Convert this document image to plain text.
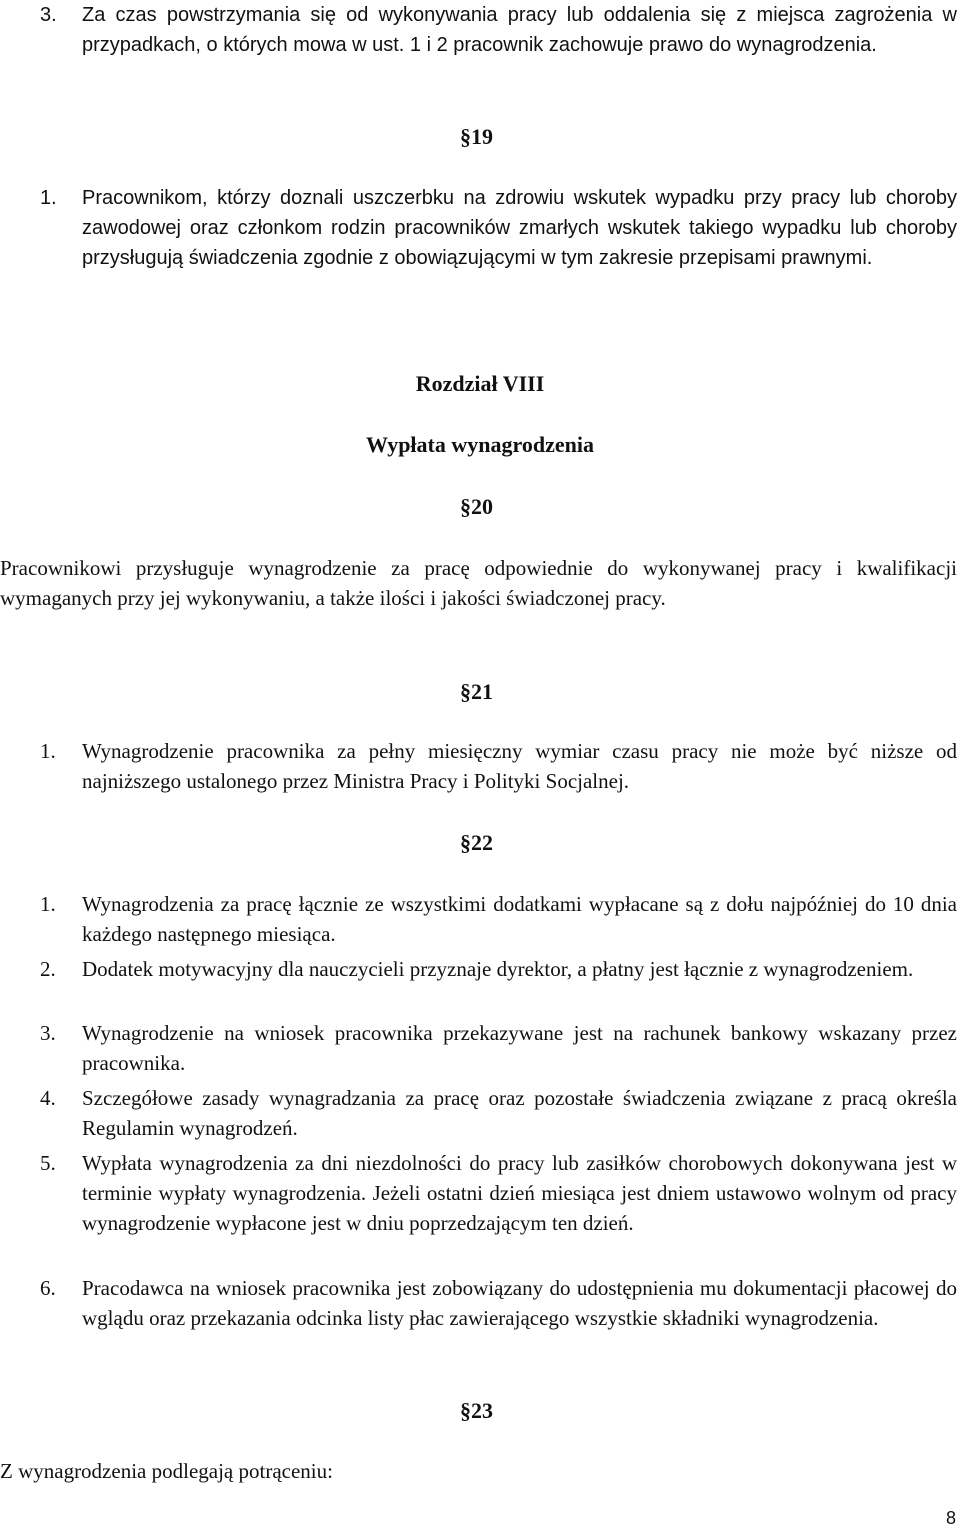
3. Za czas powstrzymania się od wykonywania pracy lub oddalenia się z miejsca zagrożenia w przypadkach, o których mowa w ust. 1 i 2 pracownik zachowuje prawo do wynagrodzenia.
§19
1. Pracownikom, którzy doznali uszczerbku na zdrowiu wskutek wypadku przy pracy lub choroby zawodowej oraz członkom rodzin pracowników zmarłych wskutek takiego wypadku lub choroby przysługują świadczenia zgodnie z obowiązującymi w tym zakresie przepisami prawnymi.
Rozdział VIII
Wypłata wynagrodzenia
§20
Pracownikowi przysługuje wynagrodzenie za pracę odpowiednie do wykonywanej pracy i kwalifikacji wymaganych przy jej wykonywaniu, a także ilości i jakości świadczonej pracy.
§21
1. Wynagrodzenie pracownika za pełny miesięczny wymiar czasu pracy nie może być niższe od najniższego ustalonego przez Ministra Pracy i Polityki Socjalnej.
§22
1. Wynagrodzenia za pracę łącznie ze wszystkimi dodatkami wypłacane są z dołu najpóźniej do 10 dnia każdego następnego miesiąca.
2. Dodatek motywacyjny dla nauczycieli przyznaje dyrektor, a płatny jest łącznie z wynagrodzeniem.
3. Wynagrodzenie na wniosek pracownika przekazywane jest na rachunek bankowy wskazany przez pracownika.
4. Szczegółowe zasady wynagradzania za pracę oraz pozostałe świadczenia związane z pracą określa Regulamin wynagrodzeń.
5. Wypłata wynagrodzenia za dni niezdolności do pracy lub zasiłków chorobowych dokonywana jest w terminie wypłaty wynagrodzenia. Jeżeli ostatni dzień miesiąca jest dniem ustawowo wolnym od pracy wynagrodzenie wypłacone jest w dniu poprzedzającym ten dzień.
6. Pracodawca na wniosek pracownika jest zobowiązany do udostępnienia mu dokumentacji płacowej do wglądu oraz przekazania odcinka listy płac zawierającego wszystkie składniki wynagrodzenia.
§23
Z wynagrodzenia podlegają potrąceniu:
8
